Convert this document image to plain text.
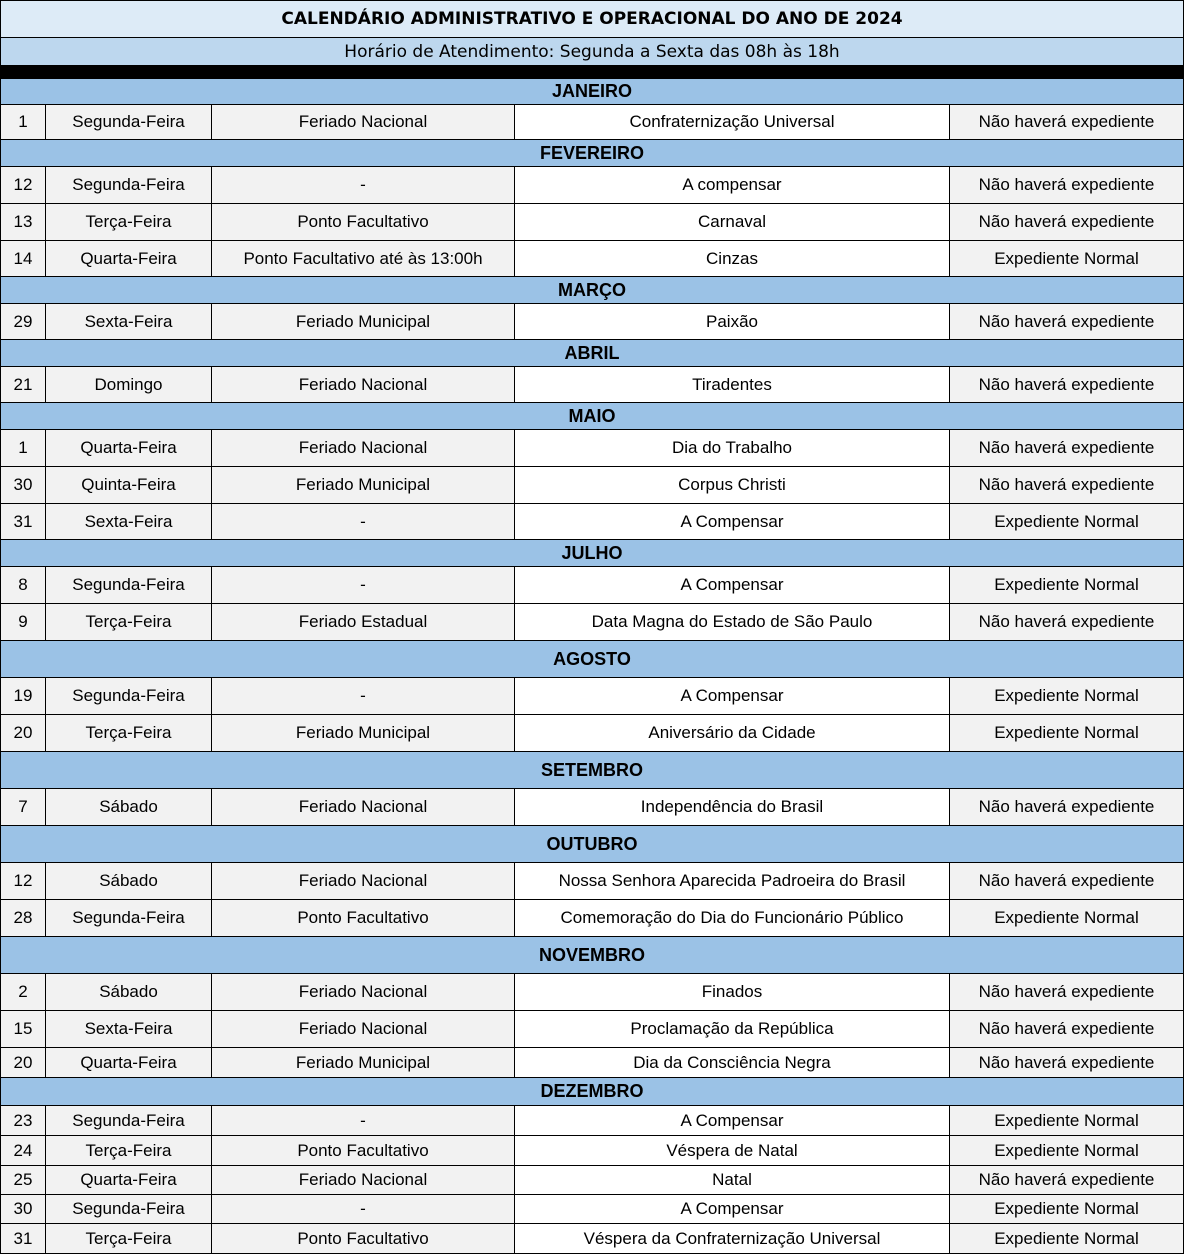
CALENDÁRIO ADMINISTRATIVO E OPERACIONAL DO ANO DE 2024
Horário de Atendimento: Segunda a Sexta das 08h às 18h
JANEIRO
1	Segunda-Feira	Feriado Nacional	Confraternização Universal	Não haverá expediente
FEVEREIRO
12	Segunda-Feira	-	A compensar	Não haverá expediente
13	Terça-Feira	Ponto Facultativo	Carnaval	Não haverá expediente
14	Quarta-Feira	Ponto Facultativo até às 13:00h	Cinzas	Expediente Normal
MARÇO
29	Sexta-Feira	Feriado Municipal	Paixão	Não haverá expediente
ABRIL
21	Domingo	Feriado Nacional	Tiradentes	Não haverá expediente
MAIO
1	Quarta-Feira	Feriado Nacional	Dia do Trabalho	Não haverá expediente
30	Quinta-Feira	Feriado Municipal	Corpus Christi	Não haverá expediente
31	Sexta-Feira	-	A Compensar	Expediente Normal
JULHO
8	Segunda-Feira	-	A Compensar	Expediente Normal
9	Terça-Feira	Feriado Estadual	Data Magna do Estado de São Paulo	Não haverá expediente
AGOSTO
19	Segunda-Feira	-	A Compensar	Expediente Normal
20	Terça-Feira	Feriado Municipal	Aniversário da Cidade	Expediente Normal
SETEMBRO
7	Sábado	Feriado Nacional	Independência do Brasil	Não haverá expediente
OUTUBRO
12	Sábado	Feriado Nacional	Nossa Senhora Aparecida Padroeira do Brasil	Não haverá expediente
28	Segunda-Feira	Ponto Facultativo	Comemoração do Dia do Funcionário Público	Expediente Normal
NOVEMBRO
2	Sábado	Feriado Nacional	Finados	Não haverá expediente
15	Sexta-Feira	Feriado Nacional	Proclamação da República	Não haverá expediente
20	Quarta-Feira	Feriado Municipal	Dia da Consciência Negra	Não haverá expediente
DEZEMBRO
23	Segunda-Feira	-	A Compensar	Expediente Normal
24	Terça-Feira	Ponto Facultativo	Véspera de Natal	Expediente Normal
25	Quarta-Feira	Feriado Nacional	Natal	Não haverá expediente
30	Segunda-Feira	-	A Compensar	Expediente Normal
31	Terça-Feira	Ponto Facultativo	Véspera da Confraternização Universal	Expediente Normal
